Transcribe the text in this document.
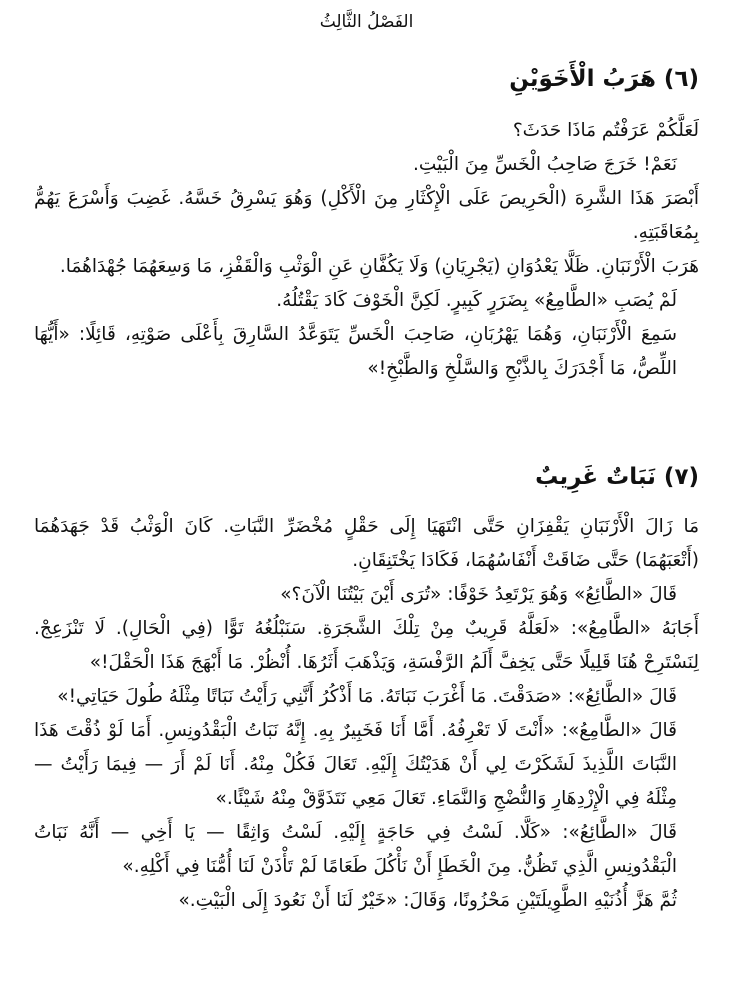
الفَصْلُ الثَّالِثُ
(٦) هَرَبُ الْأَخَوَيْنِ

لَعَلَّكُمْ عَرَفْتُم مَاذَا حَدَثَ؟

نَعَمْ! خَرَجَ صَاحِبُ الْخَسِّ مِنَ الْبَيْتِ.

أَبْصَرَ هَذَا الشَّرِهَ (الْحَرِيصَ عَلَى الْإِكْثَارِ مِنَ الْأَكْلِ) وَهُوَ يَسْرِقُ خَسَّهُ. غَضِبَ وَأَسْرَعَ يَهُمُّ بِمُعَاقَبَتِهِ.

هَرَبَ الْأَرْنَبَانِ. ظَلَّا يَعْدُوَانِ (يَجْرِيَانِ) وَلَا يَكُفَّانِ عَنِ الْوَثْبِ وَالْقَفْزِ، مَا وَسِعَهُمَا جُهْدَاهُمَا.

لَمْ يُصَبِ «الطَّامِعُ» بِضَرَرٍ كَبِيرٍ. لَكِنَّ الْخَوْفَ كَادَ يَقْتُلُهُ.

سَمِعَ الْأَرْنَبَانِ، وَهُمَا يَهْرُبَانِ، صَاحِبَ الْخَسِّ يَتَوَعَّدُ السَّارِقَ بِأَعْلَى صَوْتِهِ، قَائِلًا: «أَيُّهَا اللِّصُّ، مَا أَجْدَرَكَ بِالذَّبْحِ وَالسَّلْخِ وَالطَّبْخِ!»

(٧) نَبَاتٌ غَرِيبٌ

مَا زَالَ الْأَرْنَبَانِ يَقْفِزَانِ حَتَّى انْتَهَيَا إِلَى حَقْلٍ مُخْضَرِّ النَّبَاتِ. كَانَ الْوَثْبُ قَدْ جَهَدَهُمَا (أَتْعَبَهُمَا) حَتَّى ضَاقَتْ أَنْفَاسُهُمَا، فَكَادَا يَخْتَنِقَانِ.

قَالَ «الطَّائِعُ» وَهُوَ يَرْتَعِدُ خَوْفًا: «تُرَى أَيْنَ بَيْتُنَا الْآنَ؟»

أَجَابَهُ «الطَّامِعُ»: «لَعَلَّهُ قَرِيبٌ مِنْ تِلْكَ الشَّجَرَةِ. سَنَبْلُغُهُ تَوًّا (فِي الْحَالِ). لَا تَنْزَعِجْ. لِنَسْتَرِحْ هُنَا قَلِيلًا حَتَّى يَخِفَّ أَلَمُ الرَّفْسَةِ، وَيَذْهَبَ أَثَرُهَا. أُنْظُرْ. مَا أَبْهَجَ هَذَا الْحَقْلَ!»

قَالَ «الطَّائِعُ»: «صَدَقْتَ. مَا أَغْرَبَ نَبَاتَهُ. مَا أَذْكُرُ أَنَّنِي رَأَيْتُ نَبَاتًا مِثْلَهُ طُولَ حَيَاتِي!»

قَالَ «الطَّامِعُ»: «أَنْتَ لَا تَعْرِفُهُ. أَمَّا أَنَا فَخَبِيرٌ بِهِ. إِنَّهُ نَبَاتُ الْبَقْدُونِسِ. أَمَا لَوْ ذُقْتَ هَذَا النَّبَاتَ اللَّذِيذَ لَشَكَرْتَ لِي أَنْ هَدَيْتُكَ إِلَيْهِ. تَعَالَ فَكُلْ مِنْهُ. أَنَا لَمْ أَرَ — فِيمَا رَأَيْتُ — مِثْلَهُ فِي الْإِزْدِهَارِ وَالنُّضْجِ وَالنَّمَاءِ. تَعَالَ مَعِي نَتَذَوَّقْ مِنْهُ شَيْئًا.»

قَالَ «الطَّائِعُ»: «كَلَّا. لَسْتُ فِي حَاجَةٍ إِلَيْهِ. لَسْتُ وَاثِقًا — يَا أَخِي — أَنَّهُ نَبَاتُ الْبَقْدُونِسِ الَّذِي تَظُنُّ. مِنَ الْخَطَإِ أَنْ نَأْكُلَ طَعَامًا لَمْ تَأْذَنْ لَنَا أُمُّنَا فِي أَكْلِهِ.»

ثُمَّ هَزَّ أُذُنَيْهِ الطَّوِيلَتَيْنِ مَحْزُونًا، وَقَالَ: «خَيْرٌ لَنَا أَنْ نَعُودَ إِلَى الْبَيْتِ.»
